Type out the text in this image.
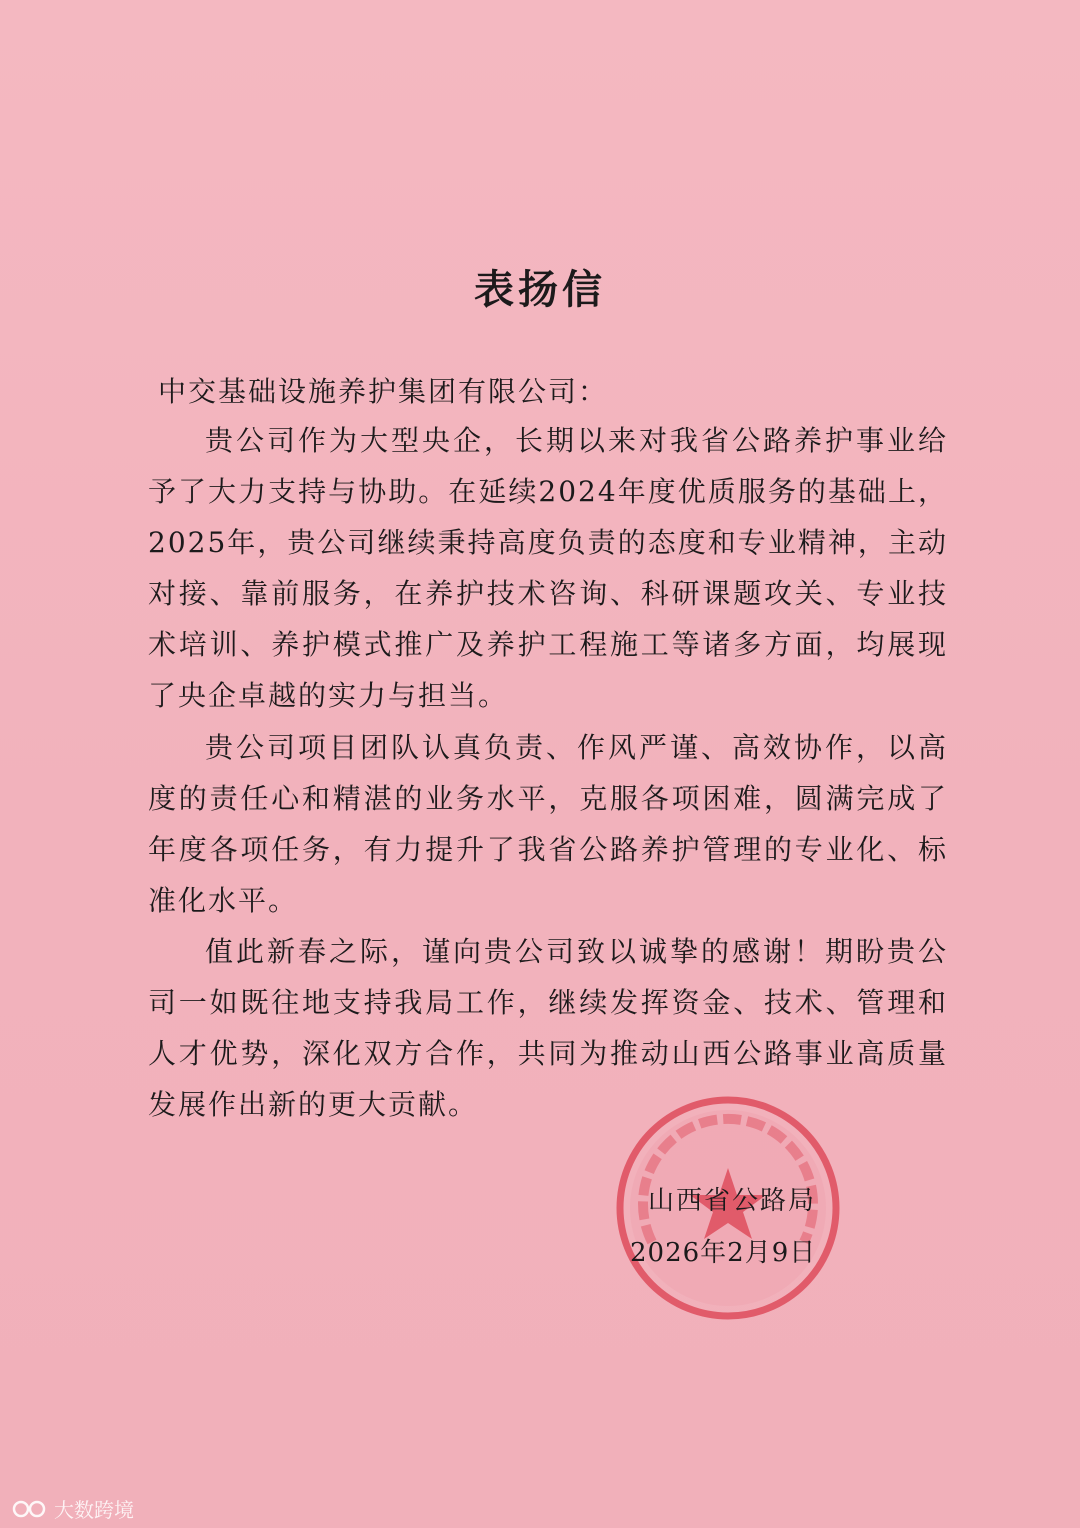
表扬信
中交基础设施养护集团有限公司：
贵公司作为大型央企，长期以来对我省公路养护事业给予了大力支持与协助。在延续2024年度优质服务的基础上，2025年，贵公司继续秉持高度负责的态度和专业精神，主动对接、靠前服务，在养护技术咨询、科研课题攻关、专业技术培训、养护模式推广及养护工程施工等诸多方面，均展现了央企卓越的实力与担当。
贵公司项目团队认真负责、作风严谨、高效协作，以高度的责任心和精湛的业务水平，克服各项困难，圆满完成了年度各项任务，有力提升了我省公路养护管理的专业化、标准化水平。
值此新春之际，谨向贵公司致以诚挚的感谢！期盼贵公司一如既往地支持我局工作，继续发挥资金、技术、管理和人才优势，深化双方合作，共同为推动山西公路事业高质量发展作出新的更大贡献。
山西省公路局
2026年2月9日
大数跨境
